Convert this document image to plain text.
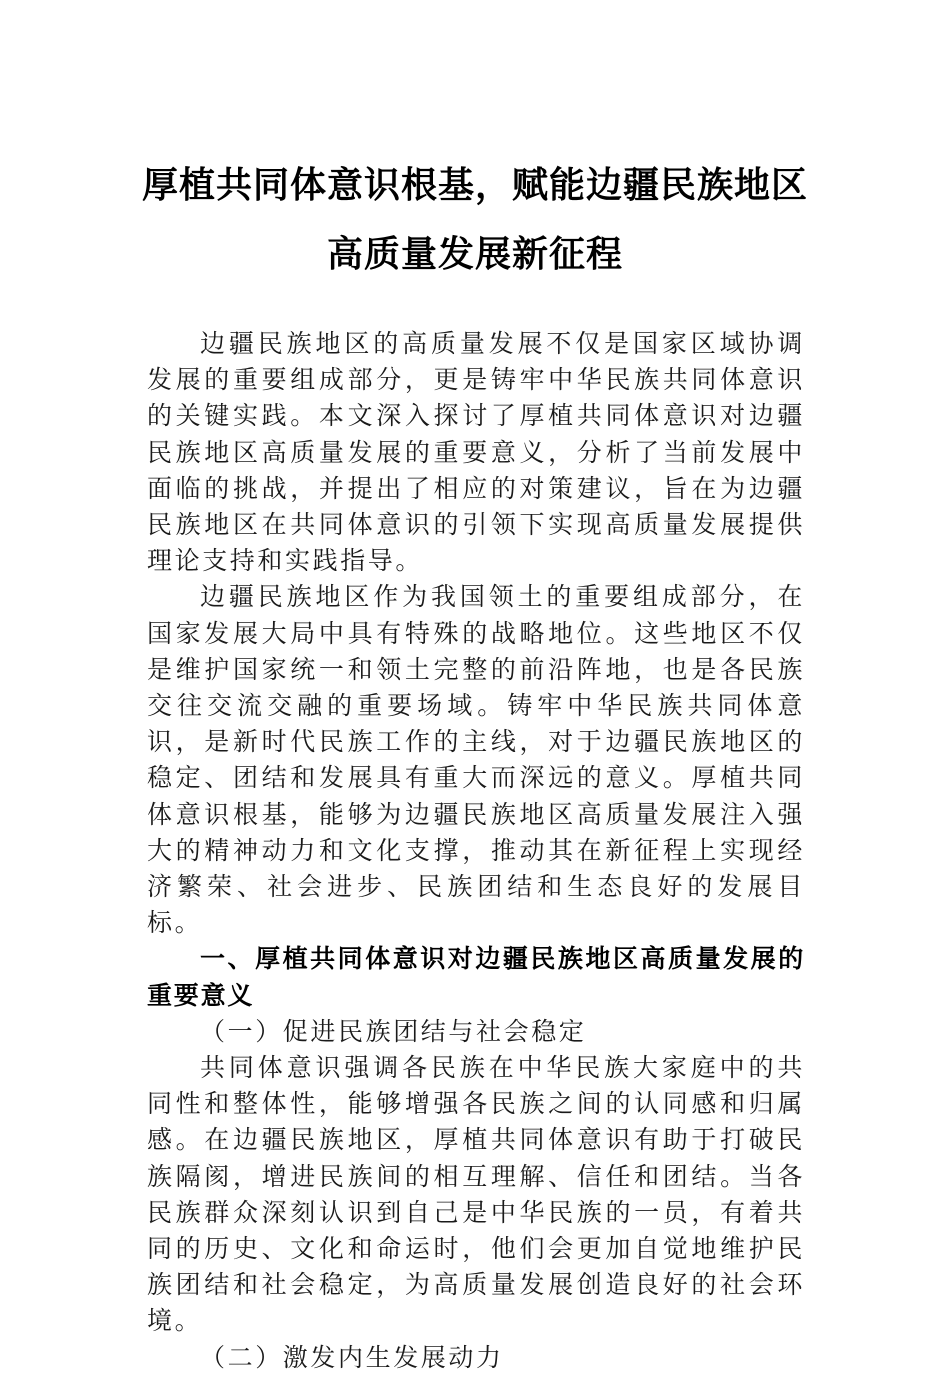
厚植共同体意识根基，赋能边疆民族地区
高质量发展新征程

边疆民族地区的高质量发展不仅是国家区域协调发展的重要组成部分，更是铸牢中华民族共同体意识的关键实践。本文深入探讨了厚植共同体意识对边疆民族地区高质量发展的重要意义，分析了当前发展中面临的挑战，并提出了相应的对策建议，旨在为边疆民族地区在共同体意识的引领下实现高质量发展提供理论支持和实践指导。

边疆民族地区作为我国领土的重要组成部分，在国家发展大局中具有特殊的战略地位。这些地区不仅是维护国家统一和领土完整的前沿阵地，也是各民族交往交流交融的重要场域。铸牢中华民族共同体意识，是新时代民族工作的主线，对于边疆民族地区的稳定、团结和发展具有重大而深远的意义。厚植共同体意识根基，能够为边疆民族地区高质量发展注入强大的精神动力和文化支撑，推动其在新征程上实现经济繁荣、社会进步、民族团结和生态良好的发展目标。

一、厚植共同体意识对边疆民族地区高质量发展的重要意义

（一）促进民族团结与社会稳定

共同体意识强调各民族在中华民族大家庭中的共同性和整体性，能够增强各民族之间的认同感和归属感。在边疆民族地区，厚植共同体意识有助于打破民族隔阂，增进民族间的相互理解、信任和团结。当各民族群众深刻认识到自己是中华民族的一员，有着共同的历史、文化和命运时，他们会更加自觉地维护民族团结和社会稳定，为高质量发展创造良好的社会环境。

（二）激发内生发展动力
